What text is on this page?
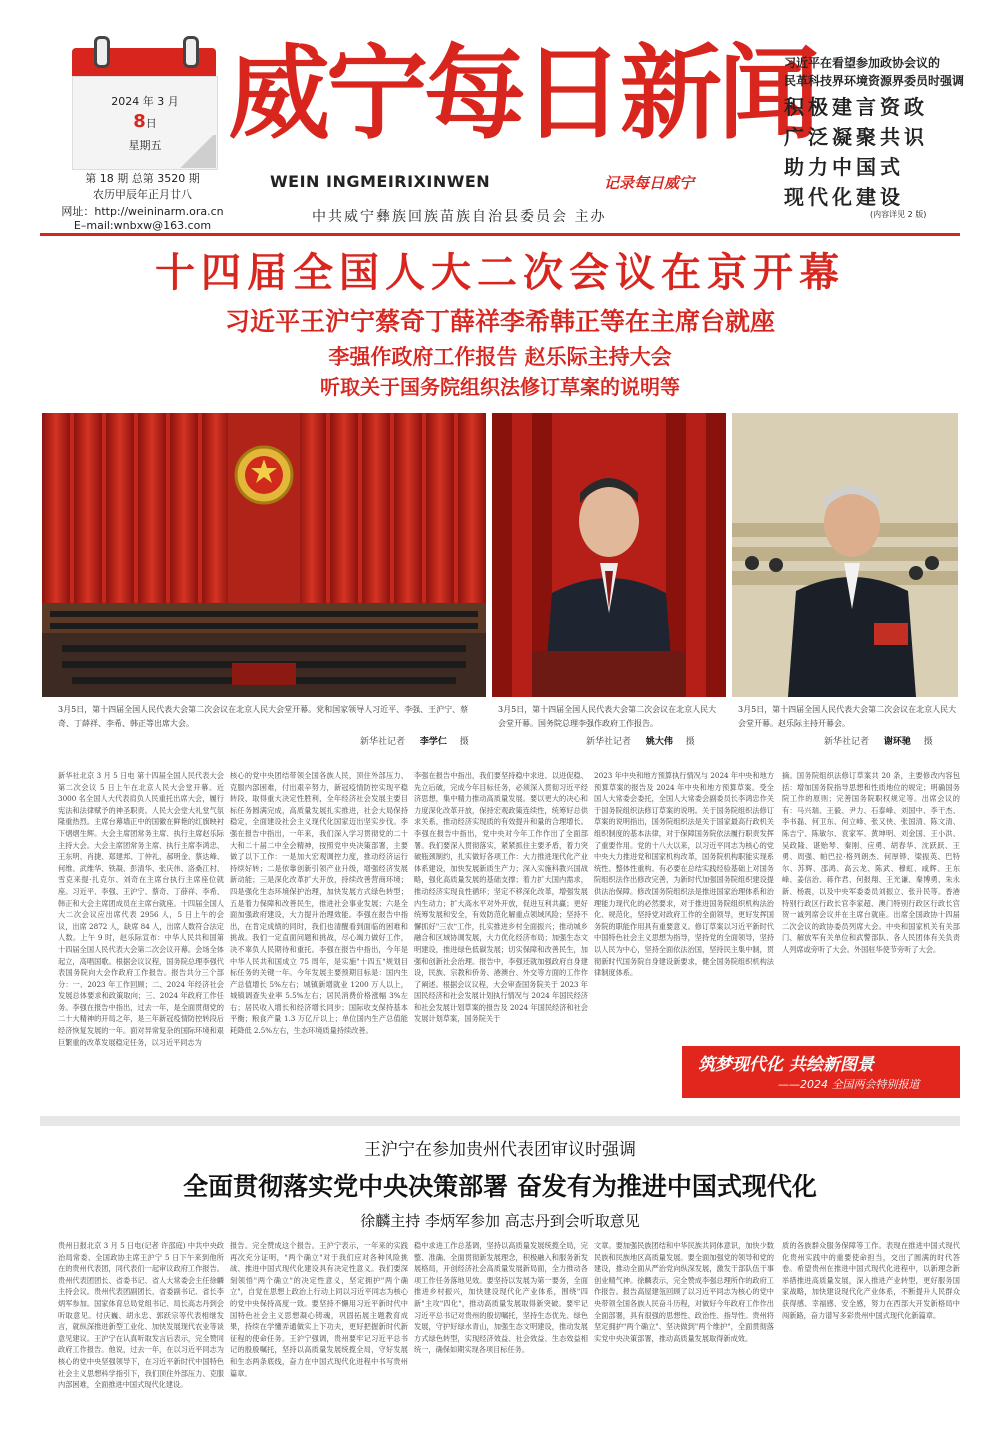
2024 年 3 月
8日
星期五
第 18 期 总第 3520 期
农历甲辰年正月廿八
网址：http://weininarm.ora.cn
E–mail:wnbxw@163.com
威宁每日新闻
WEIN INGMEIRIXINWEN	记录每日威宁
中共威宁彝族回族苗族自治县委员会 主办
习近平在看望参加政协会议的
民革科技界环境资源界委员时强调
积极建言资政
广泛凝聚共识
助力中国式
现代化建设
(内容详见 2 版)
十四届全国人大二次会议在京开幕
习近平王沪宁蔡奇丁薛祥李希韩正等在主席台就座
李强作政府工作报告 赵乐际主持大会
听取关于国务院组织法修订草案的说明等
3月5日，第十四届全国人民代表大会第二次会议在北京人民大会堂开幕。党和国家领导人习近平、李强、王沪宁、蔡奇、丁薛祥、李希、韩正等出席大会。
新华社记者 李学仁 摄
3月5日，第十四届全国人民代表大会第二次会议在北京人民大会堂开幕。国务院总理李强作政府工作报告。
新华社记者 姚大伟 摄
3月5日，第十四届全国人民代表大会第二次会议在北京人民大会堂开幕。赵乐际主持开幕会。
新华社记者 谢环驰 摄
新华社北京 3 月 5 日电 第十四届全国人民代表大会第二次会议 5 日上午在北京人民大会堂开幕。近 3000 名全国人大代表肩负人民重托出席大会，履行宪法和法律赋予的神圣职责。人民大会堂大礼堂气氛隆重热烈。主席台幕墙正中的国徽在鲜艳的红旗映衬下熠熠生辉。大会主席团常务主席、执行主席赵乐际主持大会。大会主席团常务主席、执行主席李鸿忠、王东明、肖捷、郑建邦、丁仲礼、郝明金、蔡达峰、何维、武维华、铁凝、彭清华、张庆伟、洛桑江村、雪克来提·扎克尔、刘奇在主席台执行主席座位就座。习近平、李强、王沪宁、蔡奇、丁薛祥、李希、韩正和大会主席团成员在主席台就座。十四届全国人大二次会议应出席代表 2956 人，5 日上午的会议，出席 2872 人，缺席 84 人，出席人数符合法定人数。上午 9 时，赵乐际宣布：中华人民共和国第十四届全国人民代表大会第二次会议开幕。会场全体起立，高唱国歌。根据会议议程，国务院总理李强代表国务院向大会作政府工作报告。报告共分三个部分：一、2023 年工作回顾；二、2024 年经济社会发展总体要求和政策取向；三、2024 年政府工作任务。李强在报告中指出，过去一年，是全面贯彻党的二十大精神的开局之年，是三年新冠疫情防控转段后经济恢复发展的一年。面对异常复杂的国际环境和艰巨繁重的改革发展稳定任务，以习近平同志为
核心的党中央团结带领全国各族人民，顶住外部压力、克服内部困难，付出艰辛努力，新冠疫情防控实现平稳转段、取得重大决定性胜利，全年经济社会发展主要目标任务圆满完成，高质量发展扎实推进，社会大局保持稳定，全面建设社会主义现代化国家迈出坚实步伐。李强在报告中指出，一年来，我们深入学习贯彻党的二十大和二十届二中全会精神，按照党中央决策部署，主要做了以下工作：一是加大宏观调控力度，推动经济运行持续好转；二是依靠创新引领产业升级，增强经济发展新动能；三是深化改革扩大开放，持续改善营商环境；四是强化生态环境保护治理，加快发展方式绿色转型；五是着力保障和改善民生，推进社会事业发展；六是全面加强政府建设，大力提升治理效能。李强在报告中指出，在肯定成绩的同时，我们也清醒看到面临的困难和挑战。我们一定直面问题和挑战，尽心竭力做好工作，决不辜负人民期待和重托。李强在报告中指出，今年是中华人民共和国成立 75 周年，是实施"十四五"规划目标任务的关键一年。今年发展主要预期目标是：国内生产总值增长 5%左右；城镇新增就业 1200 万人以上，城镇调查失业率 5.5%左右；居民消费价格涨幅 3%左右；居民收入增长和经济增长同步；国际收支保持基本平衡；粮食产量 1.3 万亿斤以上；单位国内生产总值能耗降低 2.5%左右，生态环境质量持续改善。
李强在报告中指出，我们要坚持稳中求进、以进促稳、先立后破，完成今年目标任务，必须深入贯彻习近平经济思想，集中精力推动高质量发展。要以更大的决心和力度深化改革开放，保持宏观政策连续性，统筹好总供求关系，推动经济实现质的有效提升和量的合理增长。李强在报告中指出，党中央对今年工作作出了全面部署。我们要深入贯彻落实，紧紧抓住主要矛盾，着力突破瓶颈制约，扎实做好各项工作：大力推进现代化产业体系建设，加快发展新质生产力；深入实施科教兴国战略，强化高质量发展的基础支撑；着力扩大国内需求，推动经济实现良性循环；坚定不移深化改革，增强发展内生动力；扩大高水平对外开放，促进互利共赢；更好统筹发展和安全，有效防范化解重点领域风险；坚持不懈抓好"三农"工作，扎实推进乡村全面振兴；推动城乡融合和区域协调发展，大力优化经济布局；加强生态文明建设，推进绿色低碳发展；切实保障和改善民生，加强和创新社会治理。报告中，李强还就加强政府自身建设，民族、宗教和侨务、港澳台、外交等方面的工作作了阐述。根据会议议程，大会审查国务院关于 2023 年国民经济和社会发展计划执行情况与 2024 年国民经济和社会发展计划草案的报告及 2024 年国民经济和社会发展计划草案，国务院关于
2023 年中央和地方预算执行情况与 2024 年中央和地方预算草案的报告及 2024 年中央和地方预算草案。受全国人大常委会委托，全国人大常委会副委员长李鸿忠作关于国务院组织法修订草案的说明。关于国务院组织法修订草案的说明指出，国务院组织法是关于国家最高行政机关组织制度的基本法律，对于保障国务院依法履行职责发挥了重要作用。党的十八大以来，以习近平同志为核心的党中央大力推进党和国家机构改革，国务院机构职能实现系统性、整体性重构。有必要在总结实践经验基础上对国务院组织法作出修改完善，为新时代加强国务院组织建设提供法治保障。修改国务院组织法是推进国家治理体系和治理能力现代化的必然要求，对于推进国务院组织机构法治化、规范化，坚持党对政府工作的全面领导，更好发挥国务院的职能作用具有重要意义。修订草案以习近平新时代中国特色社会主义思想为指导，坚持党的全面领导，坚持以人民为中心，坚持全面依法治国，坚持民主集中制，贯彻新时代国务院自身建设新要求，健全国务院组织机构法律制度体系。
摘。国务院组织法修订草案共 20 条，主要修改内容包括：增加国务院指导思想和性质地位的规定；明确国务院工作的原则；完善国务院职权规定等。出席会议的有：马兴瑞、王毅、尹力、石泰峰、刘国中、李干杰、李书磊、何卫东、何立峰、张又侠、张国清、陈文清、陈吉宁、陈敏尔、袁家军、黄坤明、刘金国、王小洪、吴政隆、谌贻琴、秦刚、应勇、胡春华、沈跃跃、王勇、周强、帕巴拉·格列朗杰、何厚铧、梁振英、巴特尔、苏辉、邵鸿、高云龙、陈武、穆虹、咸辉、王东峰、姜信治、蒋作君、何报翔、王光谦、秦博勇、朱永新、杨震，以及中央军委委员刘振立、张升民等。香港特别行政区行政长官李家超、澳门特别行政区行政长官贺一诚列席会议并在主席台就座。出席全国政协十四届二次会议的政协委员列席大会。中央和国家机关有关部门、解放军有关单位和武警部队、各人民团体有关负责人列席或旁听了大会。外国驻华使节旁听了大会。
筑梦现代化 共绘新图景
——2024 全国两会特别报道
王沪宁在参加贵州代表团审议时强调
全面贯彻落实党中央决策部署 奋发有为推进中国式现代化
徐麟主持 李炳军参加 高志丹到会听取意见
贵州日报北京 3 月 5 日电(记者 许邵庭) 中共中央政治局常委、全国政协主席王沪宁 5 日下午来到他所在的贵州代表团，同代表们一起审议政府工作报告。贵州代表团团长、省委书记、省人大常委会主任徐麟主持会议。贵州代表团副团长、省委副书记、省长李炳军参加。国家体育总局党组书记、局长高志丹到会听取意见。付庆巍、胡永忠、郭跃宗等代表相继发言，就纵深推进新型工业化、加快发展现代农业等谈意见建议。王沪宁在认真听取发言后表示，完全赞同政府工作报告。他说，过去一年，在以习近平同志为核心的党中央坚强领导下，在习近平新时代中国特色社会主义思想科学指引下，我们顶住外部压力、克服内部困难，全面推进中国式现代化建设。
报告。完全赞成这个报告。王沪宁表示，一年来的实践再次充分证明，"两个确立"对于我们应对各种风险挑战、推进中国式现代化建设具有决定性意义。我们要深刻领悟"两个确立"的决定性意义，坚定拥护"两个确立"，自觉在思想上政治上行动上同以习近平同志为核心的党中央保持高度一致。要坚持不懈用习近平新时代中国特色社会主义思想凝心铸魂，巩固拓展主题教育成果，持续在学懂弄通做实上下功夫，更好把握新时代新征程的使命任务。王沪宁强调，贵州要牢记习近平总书记的殷殷嘱托，坚持以高质量发展统揽全局，守好发展和生态两条底线，奋力在中国式现代化进程中书写贵州篇章。
稳中求进工作总基调，坚持以高质量发展统揽全局，完整、准确、全面贯彻新发展理念，积极融入和服务新发展格局，开创经济社会高质量发展新局面，全力推动各项工作任务落地见效。要坚持以发展为第一要务，全面推进乡村振兴，加快建设现代化产业体系，围绕"四新"主攻"四化"，推动高质量发展取得新突破。要牢记习近平总书记对贵州的殷切嘱托，坚持生态优先、绿色发展，守护好绿水青山，加强生态文明建设，推动发展方式绿色转型，实现经济效益、社会效益、生态效益相统一，确保如期实现各项目标任务。
文章。要加强民族团结和中华民族共同体意识，加快少数民族和民族地区高质量发展。要全面加强党的领导和党的建设，推动全面从严治党向纵深发展，激发干部队伍干事创业精气神。徐麟表示，完全赞成李强总理所作的政府工作报告。报告高屋建瓴回顾了以习近平同志为核心的党中央带领全国各族人民奋斗历程，对做好今年政府工作作出全面部署，具有很强的思想性、政治性、指导性。贵州将坚定拥护"两个确立"、坚决做到"两个维护"，全面贯彻落实党中央决策部署，推动高质量发展取得新成效。
质的各族群众服务保障等工作。表现在推进中国式现代化贵州实践中的重要使命担当，交出了圆满的时代答卷。希望贵州在推进中国式现代化进程中，以新理念新举措推进高质量发展，深入推进产业转型，更好服务国家战略，加快建设现代化产业体系，不断提升人民群众获得感、幸福感、安全感，努力在西部大开发新格局中闯新路，奋力谱写多彩贵州中国式现代化新篇章。
